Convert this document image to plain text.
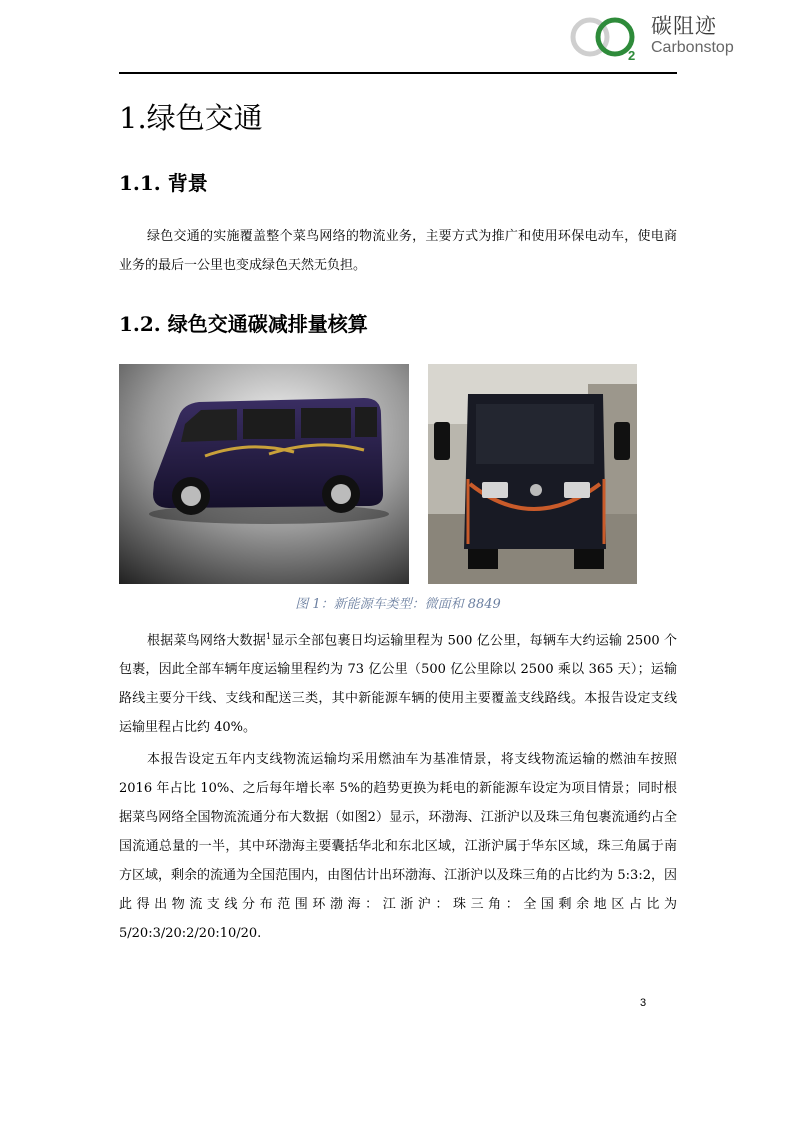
2
碳阻迹
Carbonstop
1.绿色交通
1.1. 背景
绿色交通的实施覆盖整个菜鸟网络的物流业务，主要方式为推广和使用环保电动车，使电商业务的最后一公里也变成绿色天然无负担。
1.2. 绿色交通碳减排量核算
图 1：新能源车类型：微面和 8849
根据菜鸟网络大数据$^1$显示全部包裹日均运输里程为 500 亿公里，每辆车大约运输 2500 个包裹，因此全部车辆年度运输里程约为 73 亿公里（500 亿公里除以 2500 乘以 365 天）；运输路线主要分干线、支线和配送三类，其中新能源车辆的使用主要覆盖支线路线。本报告设定支线运输里程占比约 40%。
本报告设定五年内支线物流运输均采用燃油车为基准情景，将支线物流运输的燃油车按照 2016 年占比 10%、之后每年增长率 5%的趋势更换为耗电的新能源车设定为项目情景；同时根据菜鸟网络全国物流流通分布大数据（如图2）显示，环渤海、江浙沪以及珠三角包裹流通约占全国流通总量的一半，其中环渤海主要囊括华北和东北区域，江浙沪属于华东区域，珠三角属于南方区域，剩余的流通为全国范围内，由图估计出环渤海、江浙沪以及珠三角的占比约为 5:3:2，因此得出物流支线分布范围环渤海：江浙沪：珠三角：全国剩余地区占比为 5/20:3/20:2/20:10/20.
3
